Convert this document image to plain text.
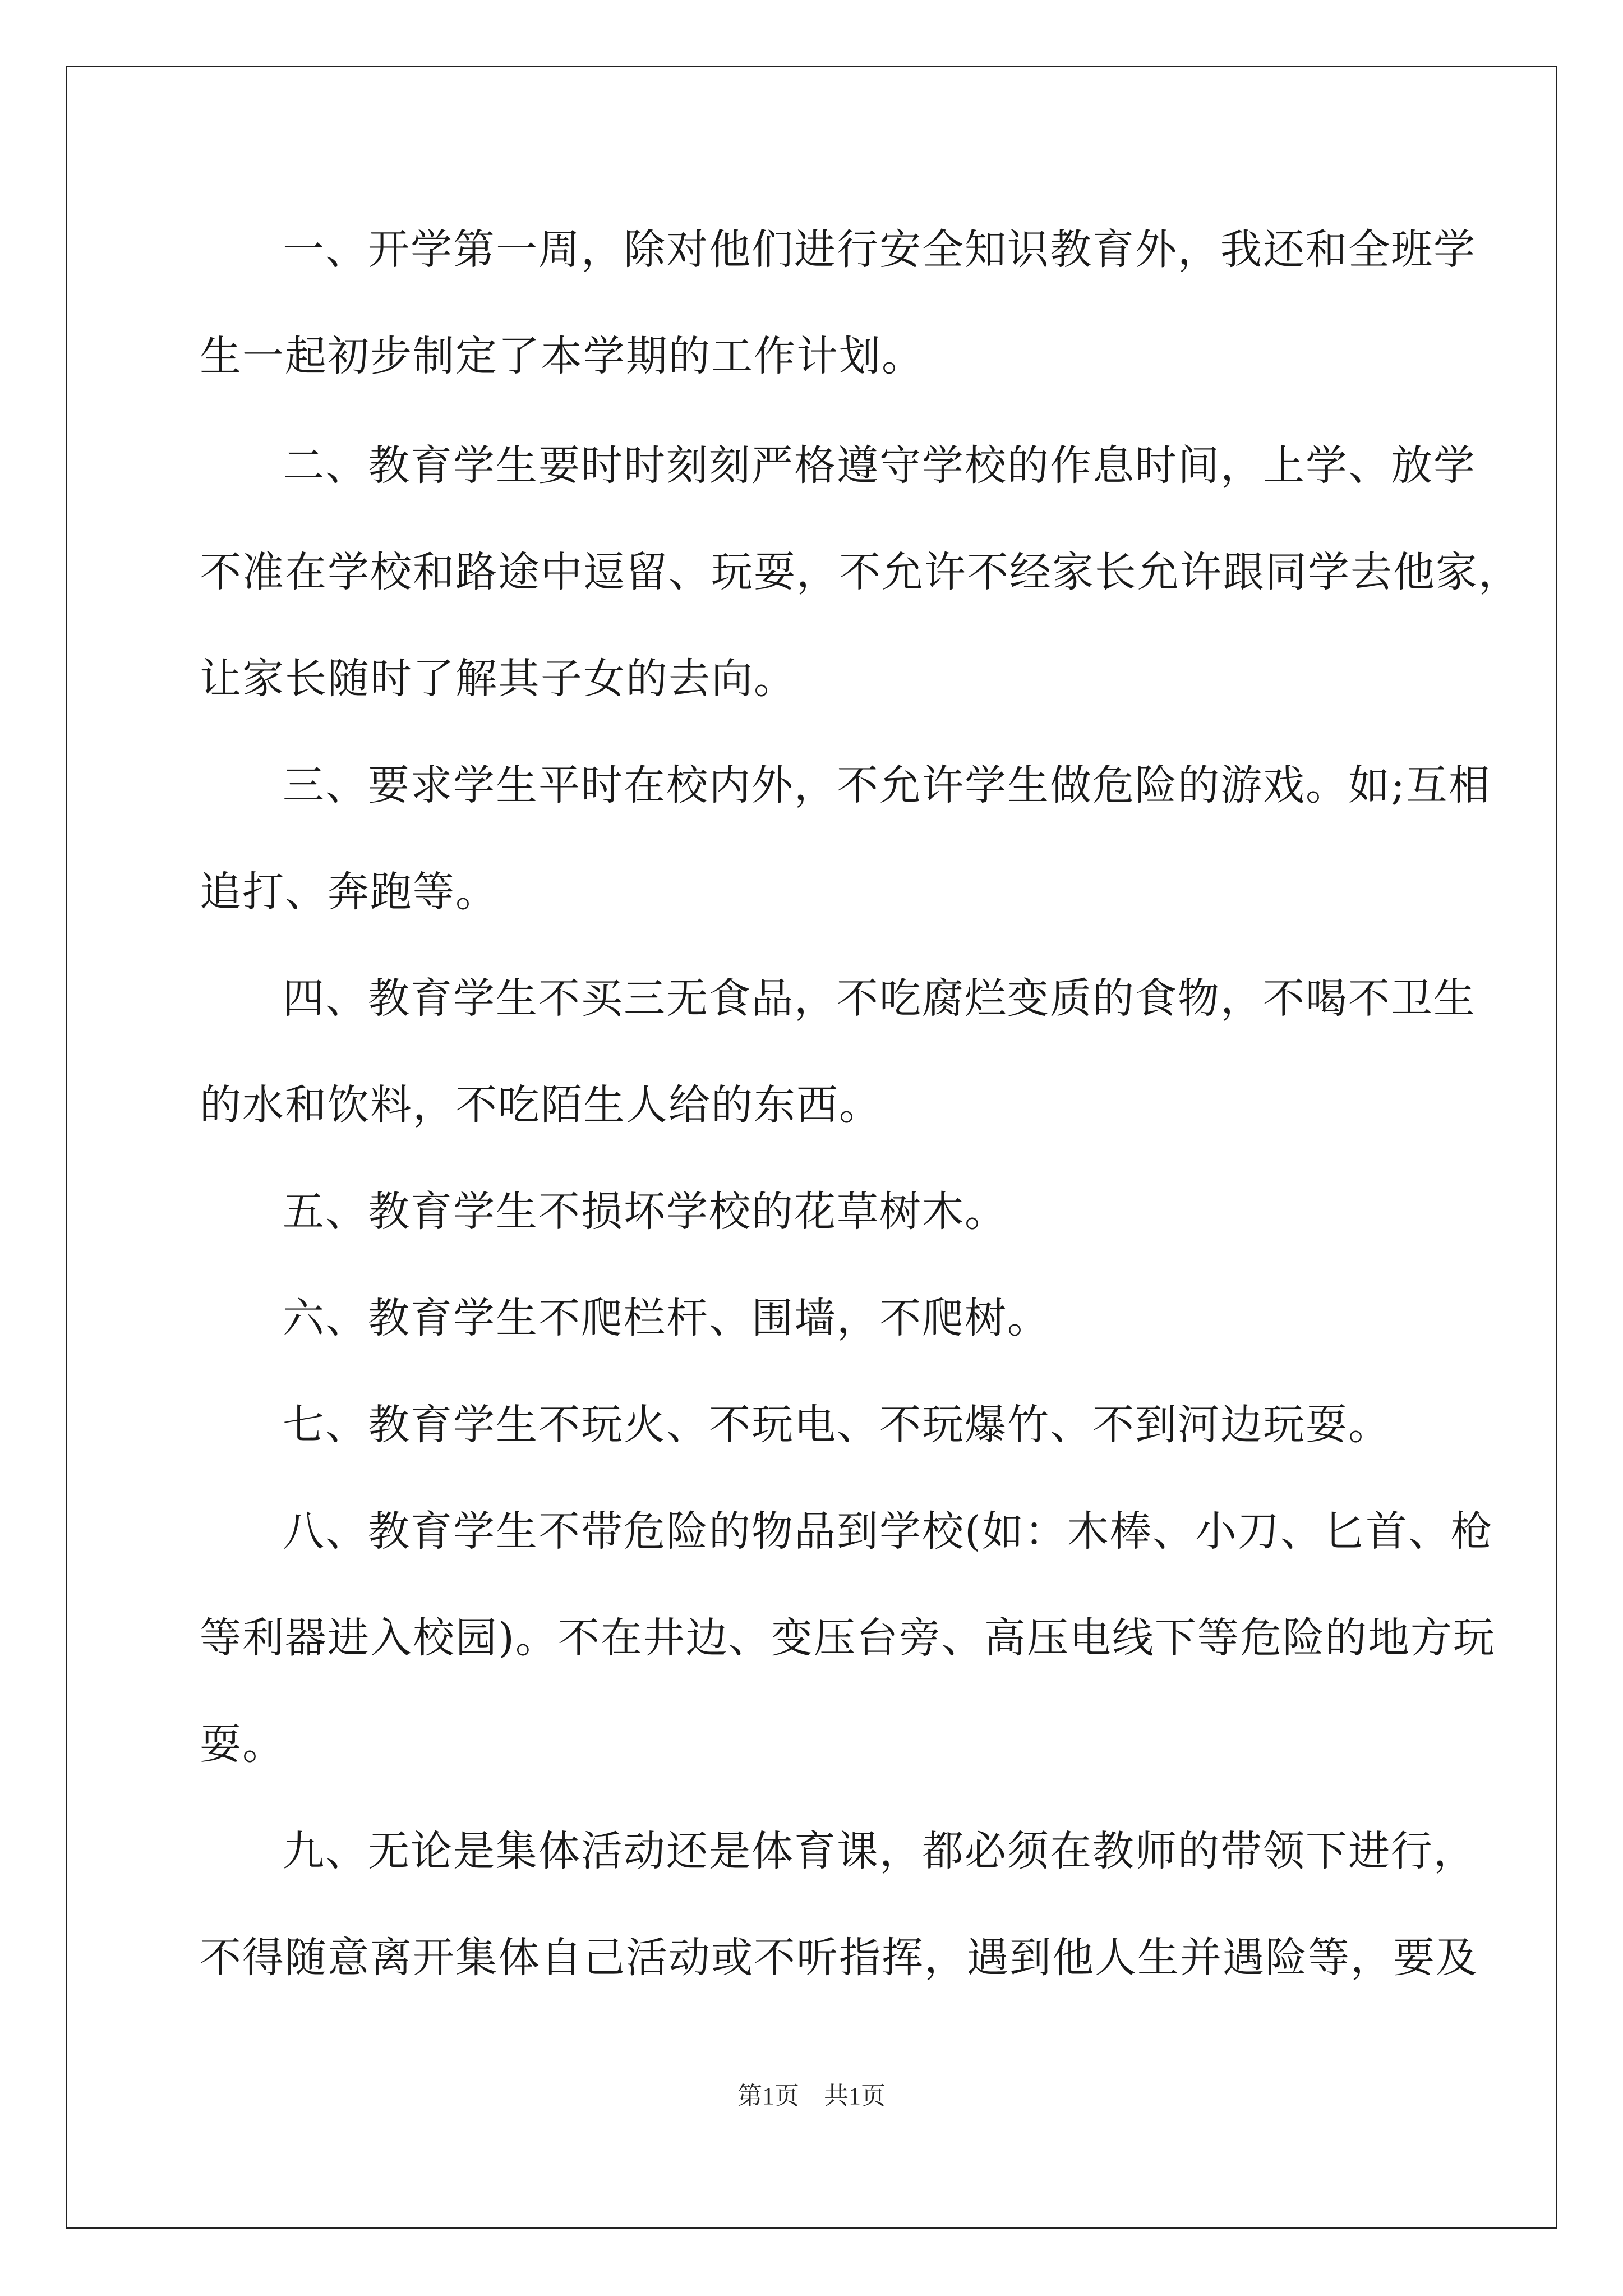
一、开学第一周，除对他们进行安全知识教育外，我还和全班学
生一起初步制定了本学期的工作计划。
二、教育学生要时时刻刻严格遵守学校的作息时间，上学、放学
不准在学校和路途中逗留、玩耍，不允许不经家长允许跟同学去他家，
让家长随时了解其子女的去向。
三、要求学生平时在校内外，不允许学生做危险的游戏。如;互相
追打、奔跑等。
四、教育学生不买三无食品，不吃腐烂变质的食物，不喝不卫生
的水和饮料，不吃陌生人给的东西。
五、教育学生不损坏学校的花草树木。
六、教育学生不爬栏杆、围墙，不爬树。
七、教育学生不玩火、不玩电、不玩爆竹、不到河边玩耍。
八、教育学生不带危险的物品到学校(如：木棒、小刀、匕首、枪
等利器进入校园)。不在井边、变压台旁、高压电线下等危险的地方玩
耍。
九、无论是集体活动还是体育课，都必须在教师的带领下进行，
不得随意离开集体自己活动或不听指挥，遇到他人生并遇险等，要及
第1页　共1页
